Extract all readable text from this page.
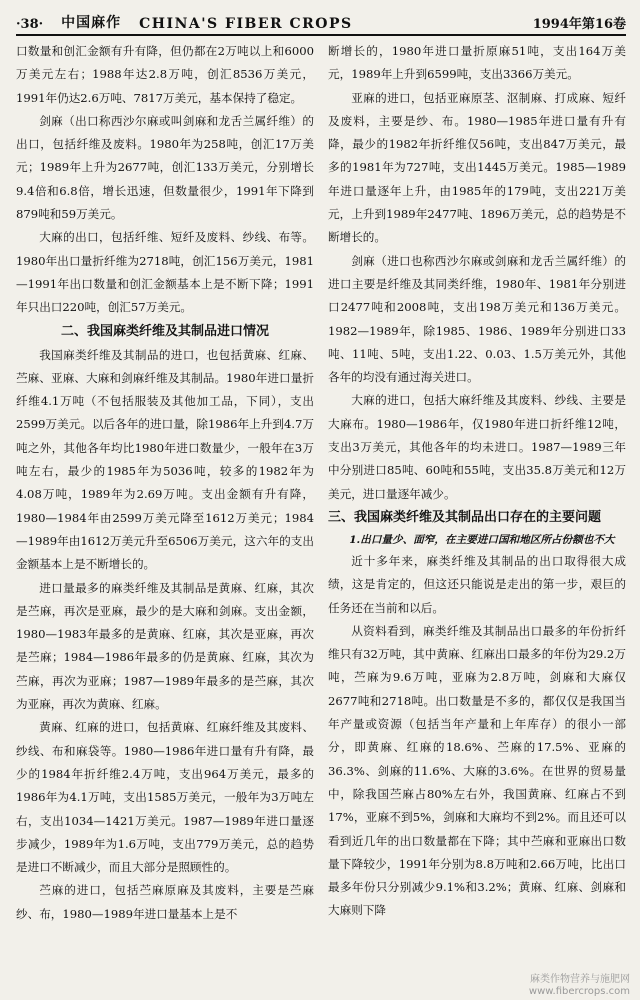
·38· 中国麻作 CHINA'S FIBER CROPS	1994年第16卷

口数量和创汇金额有升有降，但仍都在2万吨以上和6000万美元左右；1988年达2.8万吨，创汇8536万美元，1991年仍达2.6万吨、7817万美元，基本保持了稳定。

剑麻（出口称西沙尔麻或叫剑麻和龙舌兰属纤维）的出口，包括纤维及废料。1980年为258吨，创汇17万美元；1989年上升为2677吨，创汇133万美元，分别增长9.4倍和6.8倍，增长迅速，但数量很少，1991年下降到879吨和59万美元。

大麻的出口，包括纤维、短纤及废料、纱线、布等。1980年出口量折纤维为2718吨，创汇156万美元，1981—1991年出口数量和创汇金额基本上是不断下降；1991年只出口220吨，创汇57万美元。

二、我国麻类纤维及其制品进口情况

我国麻类纤维及其制品的进口，也包括黄麻、红麻、苎麻、亚麻、大麻和剑麻纤维及其制品。1980年进口量折纤维4.1万吨（不包括服装及其他加工品，下同），支出2599万美元。以后各年的进口量，除1986年上升到4.7万吨之外，其他各年均比1980年进口数量少，一般年在3万吨左右，最少的1985年为5036吨，较多的1982年为4.08万吨，1989年为2.69万吨。支出金额有升有降，1980—1984年由2599万美元降至1612万美元；1984—1989年由1612万美元升至6506万美元，这六年的支出金额基本上是不断增长的。

进口量最多的麻类纤维及其制品是黄麻、红麻，其次是苎麻，再次是亚麻，最少的是大麻和剑麻。支出金额，1980—1983年最多的是黄麻、红麻，其次是亚麻，再次是苎麻；1984—1986年最多的仍是黄麻、红麻，其次为苎麻，再次为亚麻；1987—1989年最多的是苎麻，其次为亚麻，再次为黄麻、红麻。

黄麻、红麻的进口，包括黄麻、红麻纤维及其废料、纱线、布和麻袋等。1980—1986年进口量有升有降，最少的1984年折纤维2.4万吨，支出964万美元，最多的1986年为4.1万吨，支出1585万美元，一般年为3万吨左右，支出1034—1421万美元。1987—1989年进口量逐步减少，1989年为1.6万吨，支出779万美元，总的趋势是进口不断减少，而且大部分是照顾性的。

苎麻的进口，包括苎麻原麻及其废料，主要是苎麻纱、布，1980—1989年进口量基本上是不

断增长的，1980年进口量折原麻51吨，支出164万美元，1989年上升到6599吨，支出3366万美元。

亚麻的进口，包括亚麻原茎、沤制麻、打成麻、短纤及废料，主要是纱、布。1980—1985年进口量有升有降，最少的1982年折纤维仅56吨，支出847万美元，最多的1981年为727吨，支出1445万美元。1985—1989年进口量逐年上升，由1985年的179吨，支出221万美元，上升到1989年2477吨、1896万美元，总的趋势是不断增长的。

剑麻（进口也称西沙尔麻或剑麻和龙舌兰属纤维）的进口主要是纤维及其同类纤维，1980年、1981年分别进口2477吨和2008吨，支出198万美元和136万美元。1982—1989年，除1985、1986、1989年分别进口33吨、11吨、5吨，支出1.22、0.03、1.5万美元外，其他各年的均没有通过海关进口。

大麻的进口，包括大麻纤维及其废料、纱线、主要是大麻布。1980—1986年，仅1980年进口折纤维12吨，支出3万美元，其他各年的均未进口。1987—1989三年中分别进口85吨、60吨和55吨，支出35.8万美元和12万美元，进口量逐年减少。

三、我国麻类纤维及其制品出口存在的主要问题
1.出口量少、面窄，在主要进口国和地区所占份额也不大

近十多年来，麻类纤维及其制品的出口取得很大成绩，这是肯定的，但这还只能说是走出的第一步，艰巨的任务还在当前和以后。

从资料看到，麻类纤维及其制品出口最多的年份折纤维只有32万吨，其中黄麻、红麻出口最多的年份为29.2万吨，苎麻为9.6万吨，亚麻为2.8万吨，剑麻和大麻仅2677吨和2718吨。出口数量是不多的，都仅仅是我国当年产量或资源（包括当年产量和上年库存）的很小一部分，即黄麻、红麻的18.6%、苎麻的17.5%、亚麻的36.3%、剑麻的11.6%、大麻的3.6%。在世界的贸易量中，除我国苎麻占80%左右外，我国黄麻、红麻占不到17%，亚麻不到5%，剑麻和大麻均不到2%。而且还可以看到近几年的出口数量都在下降；其中苎麻和亚麻出口数量下降较少，1991年分别为8.8万吨和2.66万吨，比出口最多年份只分别减少9.1%和3.2%；黄麻、红麻、剑麻和大麻则下降

麻类作物营养与施肥网
www.fibercrops.com
